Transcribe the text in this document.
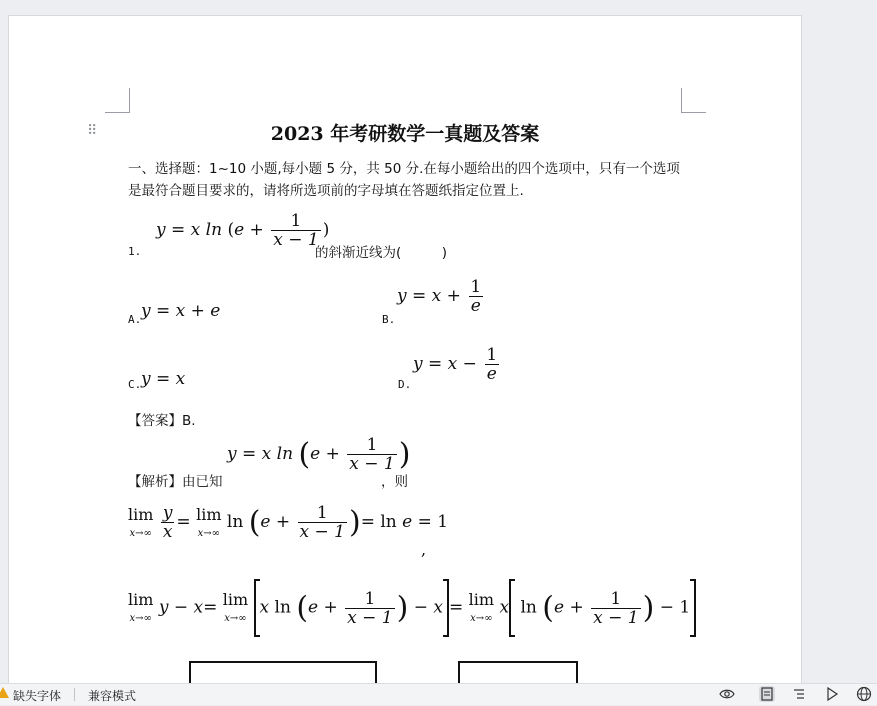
⠿	2023 年考研数学一真题及答案
一、选择题：1~10 小题,每小题 5 分，共 50 分.在每小题给出的四个选项中，只有一个选项
是最符合题目要求的，请将所选项前的字母填在答题纸指定位置上.
1.
y = x $\ln (e + \frac{1}{x - 1}$ )
的斜渐近线为(　　　)
A. y = x + e	B.
$y = x + \frac{1}{e}$
C. y = x	D.
$y = x - \frac{1}{e}$
【答案】B.
【解析】由已知
y = x $\ln (e + \frac{1}{x - 1}$ )
，则
lim
x→∞
$\frac{y}{x} = \lim$
x→∞
$\ln (e + \frac{1}{x - 1}$ )= ln e = 1
,
lim
x→∞
y − x= lim
x→∞
x $\ln (e + \frac{1}{x - 1}$ ) − x = lim
x→∞
x $\ln (e + \frac{1}{x - 1}$ ) − 1
缺失字体 兼容模式
